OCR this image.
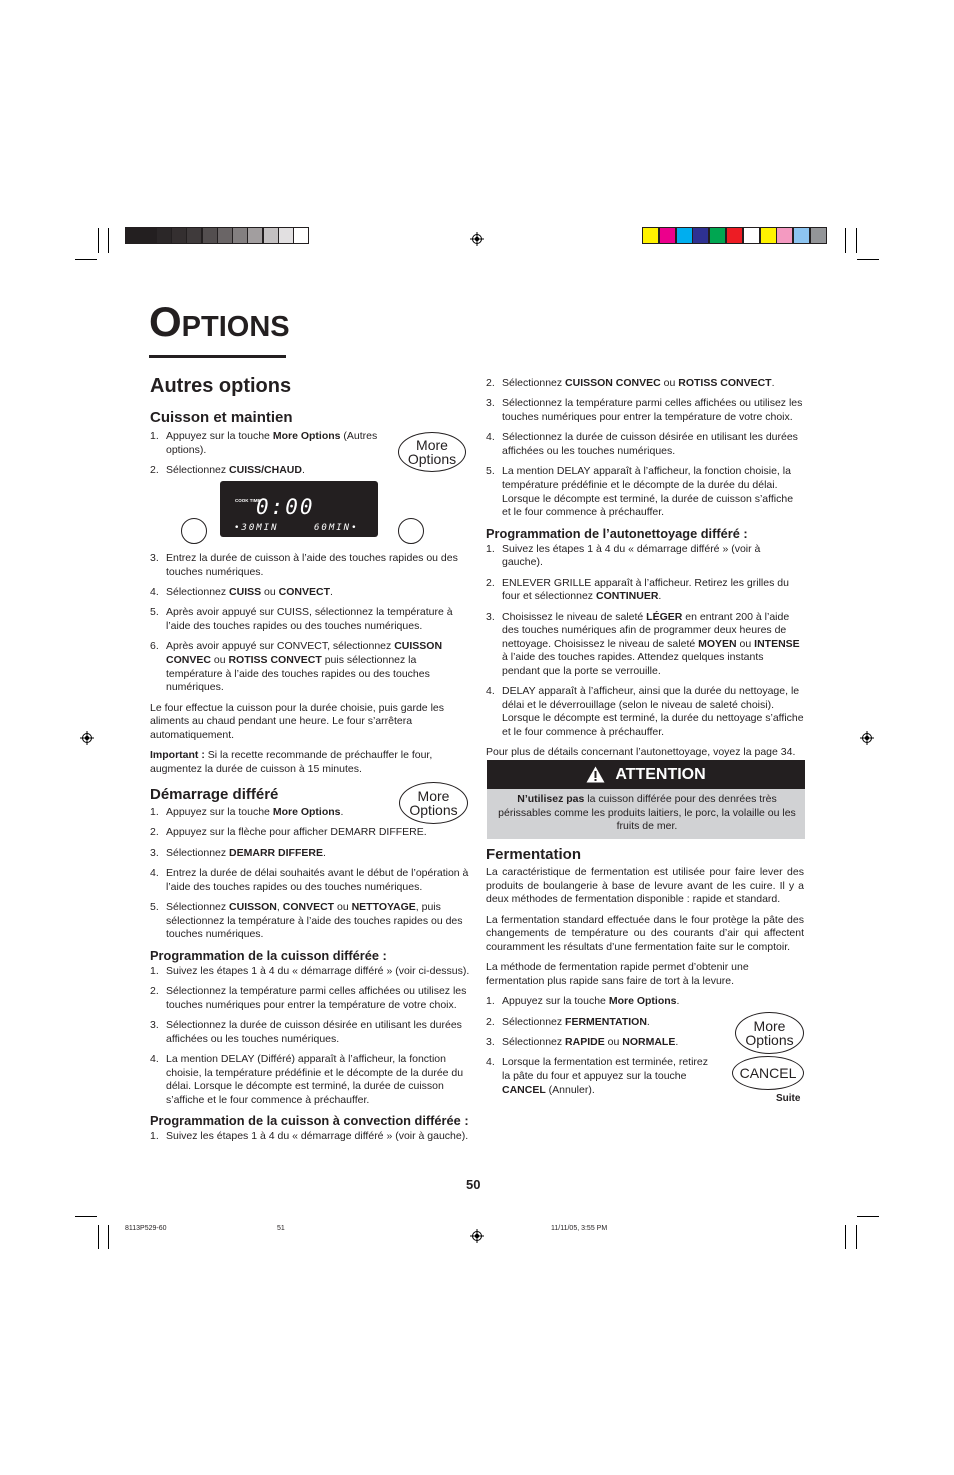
OPTIONS
Autres options
Cuisson et maintien
1. Appuyez sur la touche More Options (Autres options).
2. Sélectionnez CUISS/CHAUD.
More
Options
COOK TIME
0:00
•30MIN	60MIN•
3. Entrez la durée de cuisson à l’aide des touches rapides ou des touches numériques.
4. Sélectionnez CUISS ou CONVECT.
5. Après avoir appuyé sur CUISS, sélectionnez la température à l’aide des touches rapides ou des touches numériques.
6. Après avoir appuyé sur CONVECT, sélectionnez CUISSON CONVEC ou ROTISS CONVECT puis sélectionnez la température à l’aide des touches rapides ou des touches numériques.

Le four effectue la cuisson pour la durée choisie, puis garde les aliments au chaud pendant une heure. Le four s’arrêtera automatiquement.

Important : Si la recette recommande de préchauffer le four, augmentez la durée de cuisson à 15 minutes.

More
Options
Démarrage différé
1. Appuyez sur la touche More Options.
2. Appuyez sur la flèche pour afficher DEMARR DIFFERE.
3. Sélectionnez DEMARR DIFFERE.
4. Entrez la durée de délai souhaités avant le début de l’opération à l’aide des touches rapides ou des touches numériques.
5. Sélectionnez CUISSON, CONVECT ou NETTOYAGE, puis sélectionnez la température à l’aide des touches rapides ou des touches numériques.
Programmation de la cuisson différée :
1. Suivez les étapes 1 à 4 du « démarrage différé » (voir ci-dessus).
2. Sélectionnez la température parmi celles affichées ou utilisez les touches numériques pour entrer la température de votre choix.
3. Sélectionnez la durée de cuisson désirée en utilisant les durées affichées ou les touches numériques.
4. La mention DELAY (Différé) apparaît à l’afficheur, la fonction choisie, la température prédéfinie et le décompte de la durée du délai. Lorsque le décompte est terminé, la durée de cuisson s’affiche et le four commence à préchauffer.
Programmation de la cuisson à convection différée :
1. Suivez les étapes 1 à 4 du « démarrage différé » (voir à gauche).
2. Sélectionnez CUISSON CONVEC ou ROTISS CONVECT.
3. Sélectionnez la température parmi celles affichées ou utilisez les touches numériques pour entrer la température de votre choix.
4. Sélectionnez la durée de cuisson désirée en utilisant les durées affichées ou les touches numériques.
5. La mention DELAY apparaît à l’afficheur, la fonction choisie, la température prédéfinie et le décompte de la durée du délai. Lorsque le décompte est terminé, la durée de cuisson s’affiche et le four commence à préchauffer.
Programmation de l’autonettoyage différé :
1. Suivez les étapes 1 à 4 du « démarrage différé » (voir à gauche).
2. ENLEVER GRILLE apparaît à l’afficheur. Retirez les grilles du four et sélectionnez CONTINUER.
3. Choisissez le niveau de saleté LÉGER en entrant 200 à l’aide des touches numériques afin de programmer deux heures de nettoyage. Choisissez le niveau de saleté MOYEN ou INTENSE à l’aide des touches rapides. Attendez quelques instants pendant que la porte se verrouille.
4. DELAY apparaît à l’afficheur, ainsi que la durée du nettoyage, le délai et le déverrouillage (selon le niveau de saleté choisi). Lorsque le décompte est terminé, la durée du nettoyage s’affiche et le four commence à préchauffer.

Pour plus de détails concernant l’autonettoyage, voyez la page 34.

ATTENTION
N’utilisez pas la cuisson différée pour des denrées très périssables comme les produits laitiers, le porc, la volaille ou les fruits de mer.
Fermentation

La caractéristique de fermentation est utilisée pour faire lever des produits de boulangerie à base de levure avant de les cuire. Il y a deux méthodes de fermentation disponible : rapide et standard.

La fermentation standard effectuée dans le four protège la pâte des changements de température ou des courants d’air qui affectent couramment les résultats d’une fermentation faite sur le comptoir.

La méthode de fermentation rapide permet d’obtenir une fermentation plus rapide sans faire de tort à la levure.

1. Appuyez sur la touche More Options.
2. Sélectionnez FERMENTATION.
3. Sélectionnez RAPIDE ou NORMALE.
4. Lorsque la fermentation est terminée, retirez la pâte du four et appuyez sur la touche CANCEL (Annuler).
More
Options
CANCEL
Suite
50
8113P529-60	51	11/11/05, 3:55 PM
